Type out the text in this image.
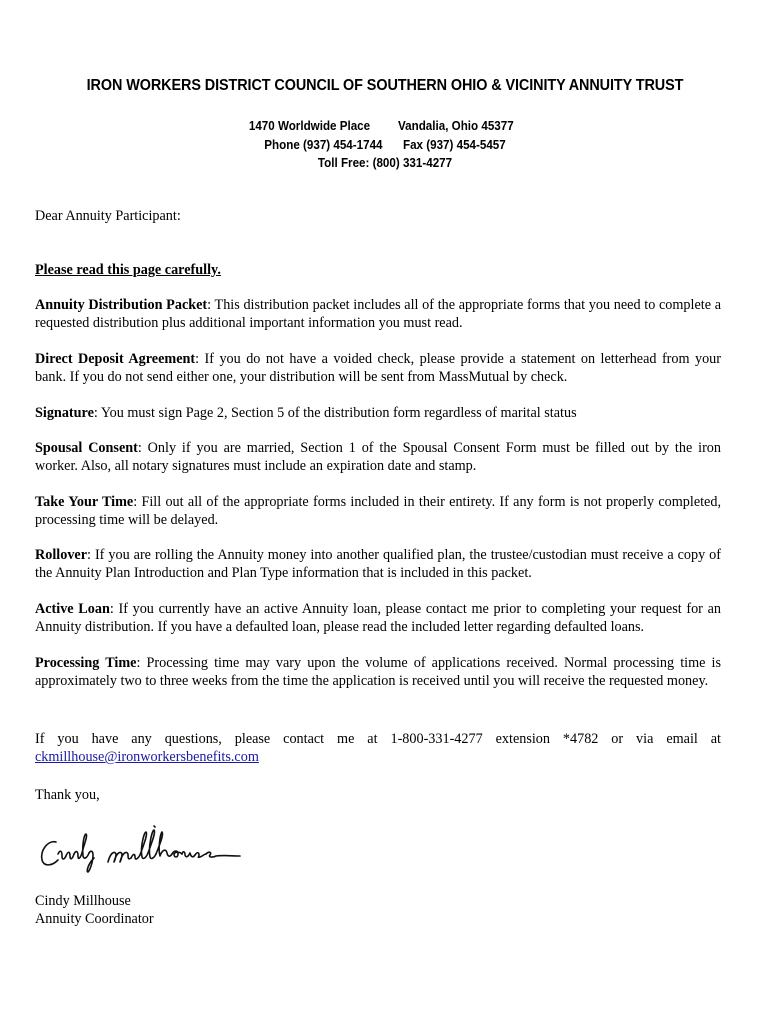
IRON WORKERS DISTRICT COUNCIL OF SOUTHERN OHIO & VICINITY ANNUITY TRUST
1470 Worldwide Place Vandalia, Ohio 45377
Phone (937) 454-1744 Fax (937) 454-5457
Toll Free: (800) 331-4277
Dear Annuity Participant:
Please read this page carefully.
Annuity Distribution Packet: This distribution packet includes all of the appropriate forms that you need to complete a requested distribution plus additional important information you must read.
Direct Deposit Agreement: If you do not have a voided check, please provide a statement on letterhead from your bank. If you do not send either one, your distribution will be sent from MassMutual by check.
Signature: You must sign Page 2, Section 5 of the distribution form regardless of marital status
Spousal Consent: Only if you are married, Section 1 of the Spousal Consent Form must be filled out by the iron worker. Also, all notary signatures must include an expiration date and stamp.
Take Your Time: Fill out all of the appropriate forms included in their entirety. If any form is not properly completed, processing time will be delayed.
Rollover: If you are rolling the Annuity money into another qualified plan, the trustee/custodian must receive a copy of the Annuity Plan Introduction and Plan Type information that is included in this packet.
Active Loan: If you currently have an active Annuity loan, please contact me prior to completing your request for an Annuity distribution. If you have a defaulted loan, please read the included letter regarding defaulted loans.
Processing Time: Processing time may vary upon the volume of applications received. Normal processing time is approximately two to three weeks from the time the application is received until you will receive the requested money.
If you have any questions, please contact me at 1-800-331-4277 extension *4782 or via email at ckmillhouse@ironworkersbenefits.com
Thank you,
Cindy Millhouse
Annuity Coordinator
